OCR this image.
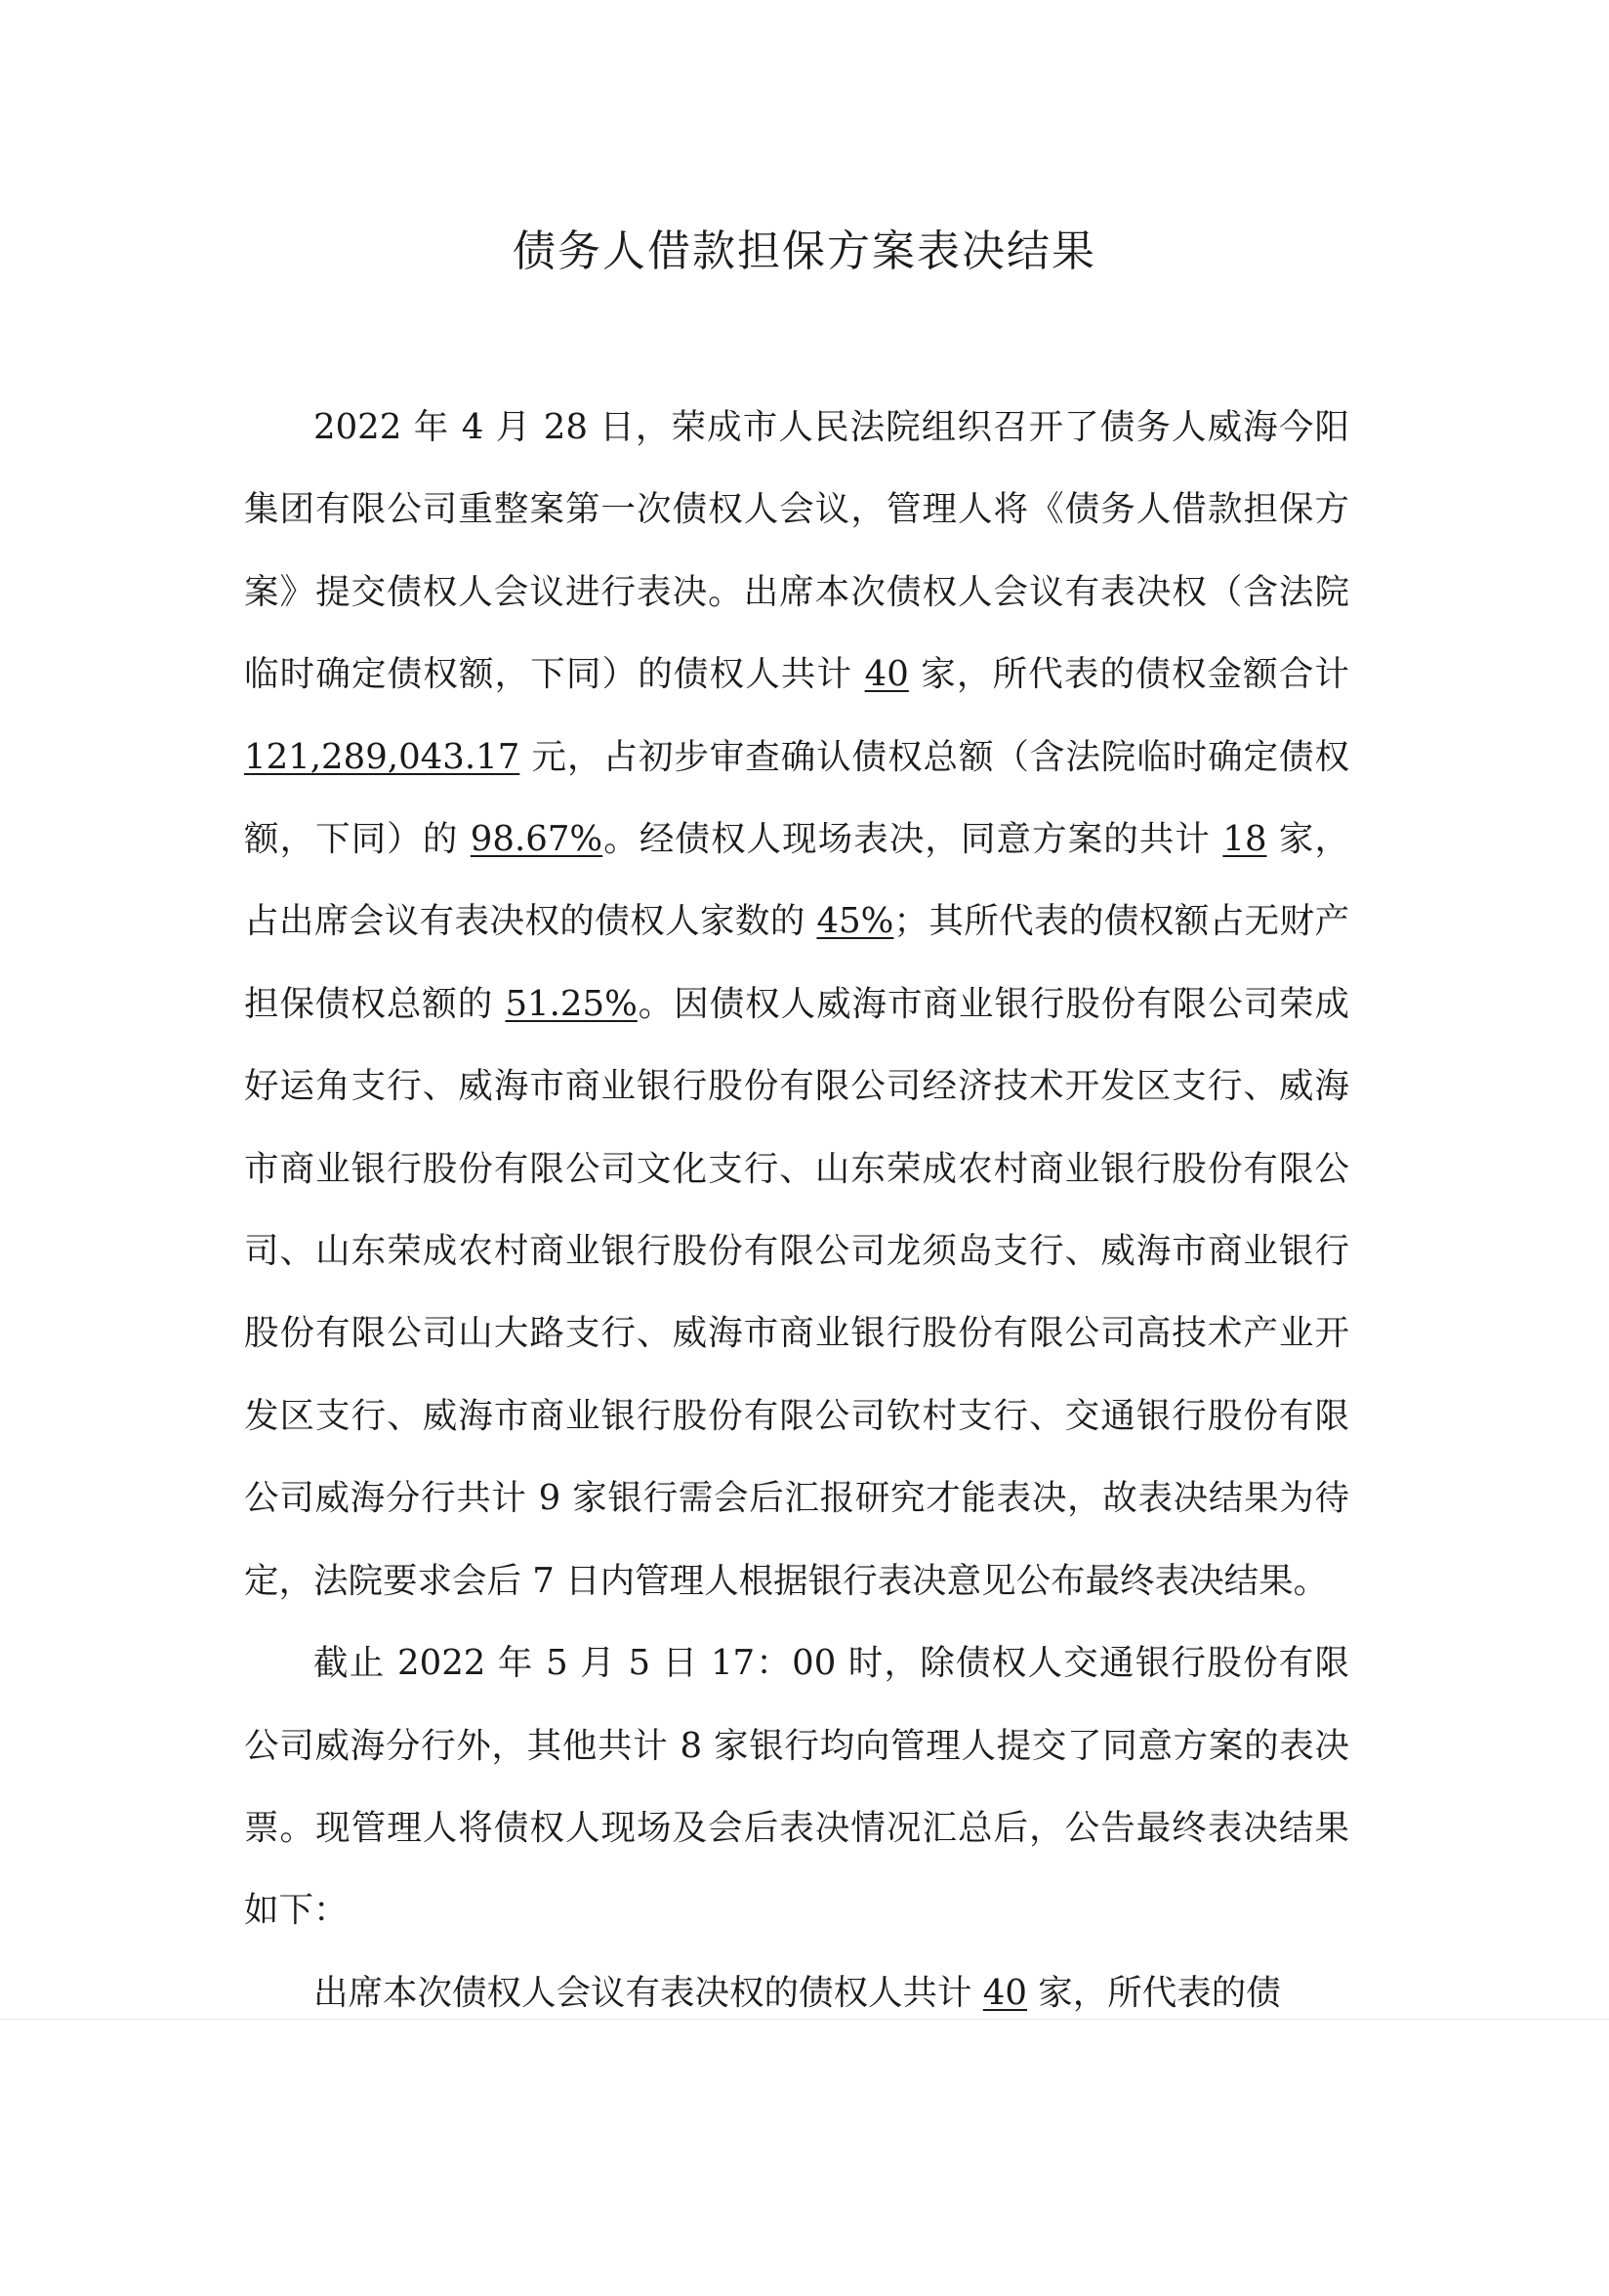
债务人借款担保方案表决结果

2022 年 4 月 28 日，荣成市人民法院组织召开了债务人威海今阳集团有限公司重整案第一次债权人会议，管理人将《债务人借款担保方案》提交债权人会议进行表决。出席本次债权人会议有表决权（含法院临时确定债权额，下同）的债权人共计 40 家，所代表的债权金额合计 121,289,043.17 元，占初步审查确认债权总额（含法院临时确定债权额，下同）的 98.67%。经债权人现场表决，同意方案的共计 18 家，占出席会议有表决权的债权人家数的 45%；其所代表的债权额占无财产担保债权总额的 51.25%。因债权人威海市商业银行股份有限公司荣成好运角支行、威海市商业银行股份有限公司经济技术开发区支行、威海市商业银行股份有限公司文化支行、山东荣成农村商业银行股份有限公司、山东荣成农村商业银行股份有限公司龙须岛支行、威海市商业银行股份有限公司山大路支行、威海市商业银行股份有限公司高技术产业开发区支行、威海市商业银行股份有限公司钦村支行、交通银行股份有限公司威海分行共计 9 家银行需会后汇报研究才能表决，故表决结果为待定，法院要求会后 7 日内管理人根据银行表决意见公布最终表决结果。

截止 2022 年 5 月 5 日 17：00 时，除债权人交通银行股份有限公司威海分行外，其他共计 8 家银行均向管理人提交了同意方案的表决票。现管理人将债权人现场及会后表决情况汇总后，公告最终表决结果如下：

出席本次债权人会议有表决权的债权人共计 40 家，所代表的债
